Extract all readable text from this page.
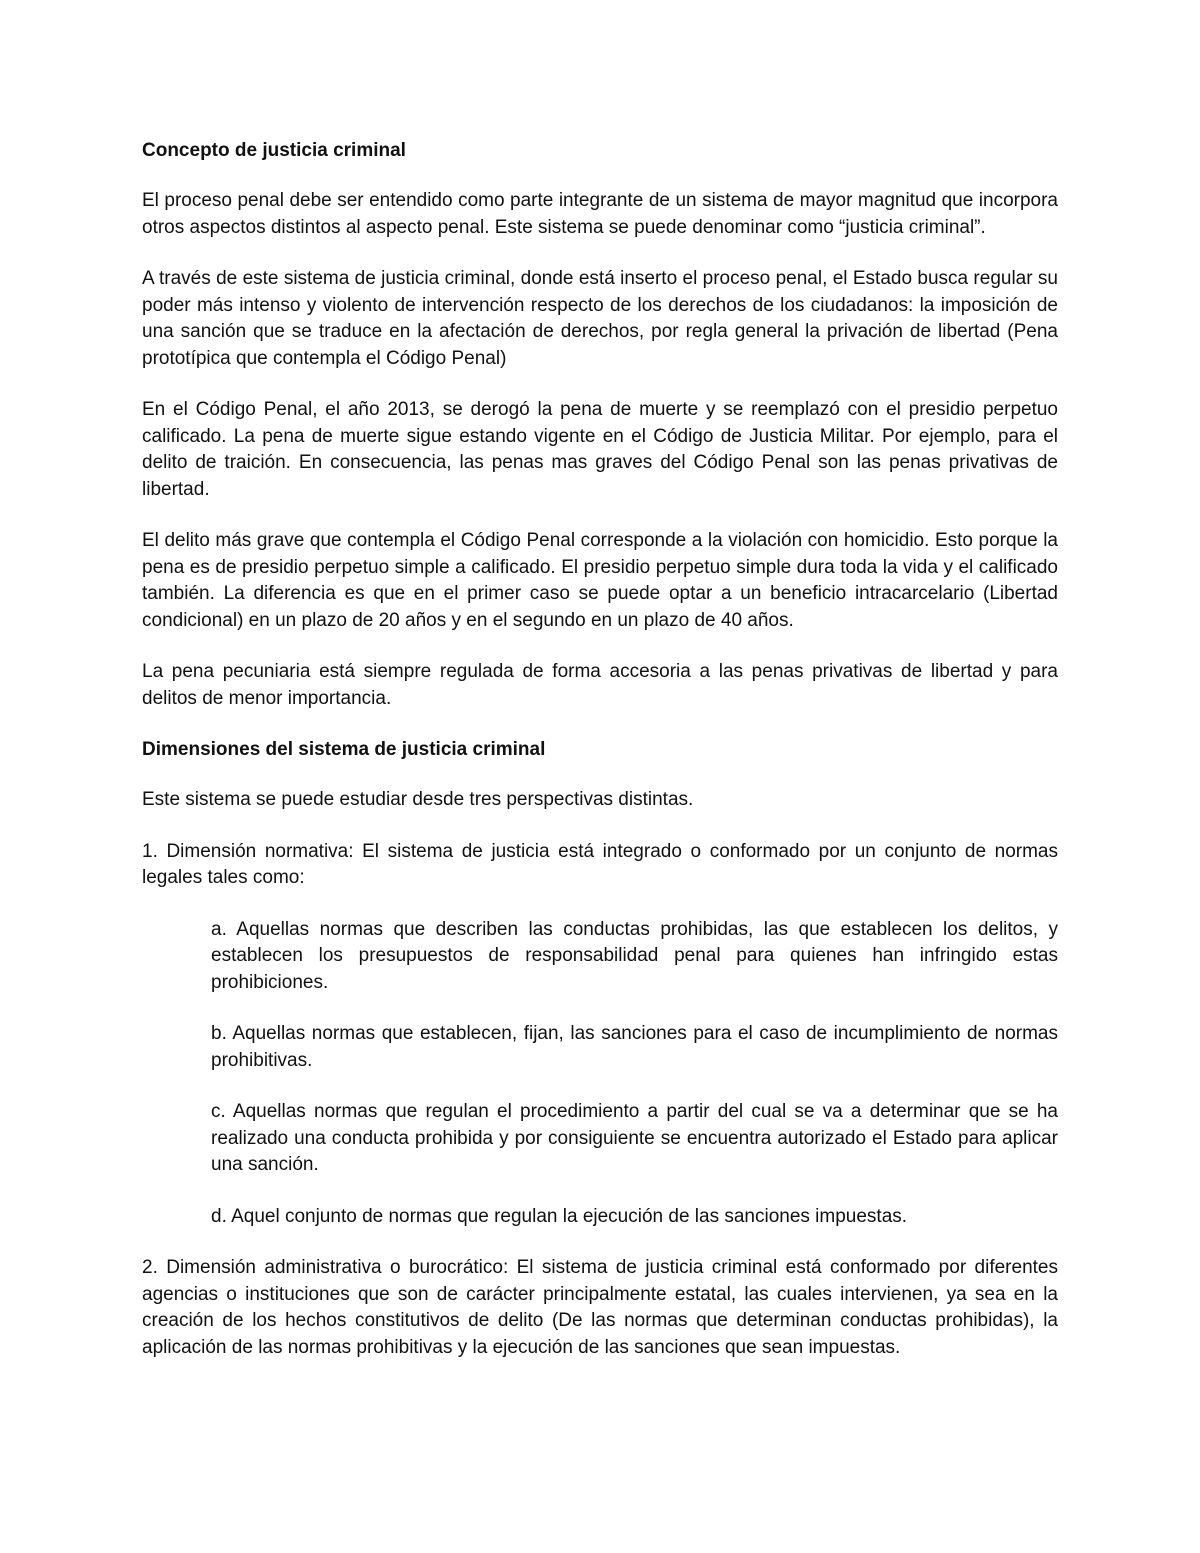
Concepto de justicia criminal

El proceso penal debe ser entendido como parte integrante de un sistema de mayor magnitud que incorpora otros aspectos distintos al aspecto penal. Este sistema se puede denominar como “justicia criminal”.

A través de este sistema de justicia criminal, donde está inserto el proceso penal, el Estado busca regular su poder más intenso y violento de intervención respecto de los derechos de los ciudadanos: la imposición de una sanción que se traduce en la afectación de derechos, por regla general la privación de libertad (Pena prototípica que contempla el Código Penal)

En el Código Penal, el año 2013, se derogó la pena de muerte y se reemplazó con el presidio perpetuo calificado. La pena de muerte sigue estando vigente en el Código de Justicia Militar. Por ejemplo, para el delito de traición. En consecuencia, las penas mas graves del Código Penal son las penas privativas de libertad.

El delito más grave que contempla el Código Penal corresponde a la violación con homicidio. Esto porque la pena es de presidio perpetuo simple a calificado. El presidio perpetuo simple dura toda la vida y el calificado también. La diferencia es que en el primer caso se puede optar a un beneficio intracarcelario (Libertad condicional) en un plazo de 20 años y en el segundo en un plazo de 40 años.

La pena pecuniaria está siempre regulada de forma accesoria a las penas privativas de libertad y para delitos de menor importancia.

Dimensiones del sistema de justicia criminal

Este sistema se puede estudiar desde tres perspectivas distintas.

1. Dimensión normativa: El sistema de justicia está integrado o conformado por un conjunto de normas legales tales como:

a. Aquellas normas que describen las conductas prohibidas, las que establecen los delitos, y establecen los presupuestos de responsabilidad penal para quienes han infringido estas prohibiciones.

b. Aquellas normas que establecen, fijan, las sanciones para el caso de incumplimiento de normas prohibitivas.

c. Aquellas normas que regulan el procedimiento a partir del cual se va a determinar que se ha realizado una conducta prohibida y por consiguiente se encuentra autorizado el Estado para aplicar una sanción.

d. Aquel conjunto de normas que regulan la ejecución de las sanciones impuestas.

2. Dimensión administrativa o burocrático: El sistema de justicia criminal está conformado por diferentes agencias o instituciones que son de carácter principalmente estatal, las cuales intervienen, ya sea en la creación de los hechos constitutivos de delito (De las normas que determinan conductas prohibidas), la aplicación de las normas prohibitivas y la ejecución de las sanciones que sean impuestas.
